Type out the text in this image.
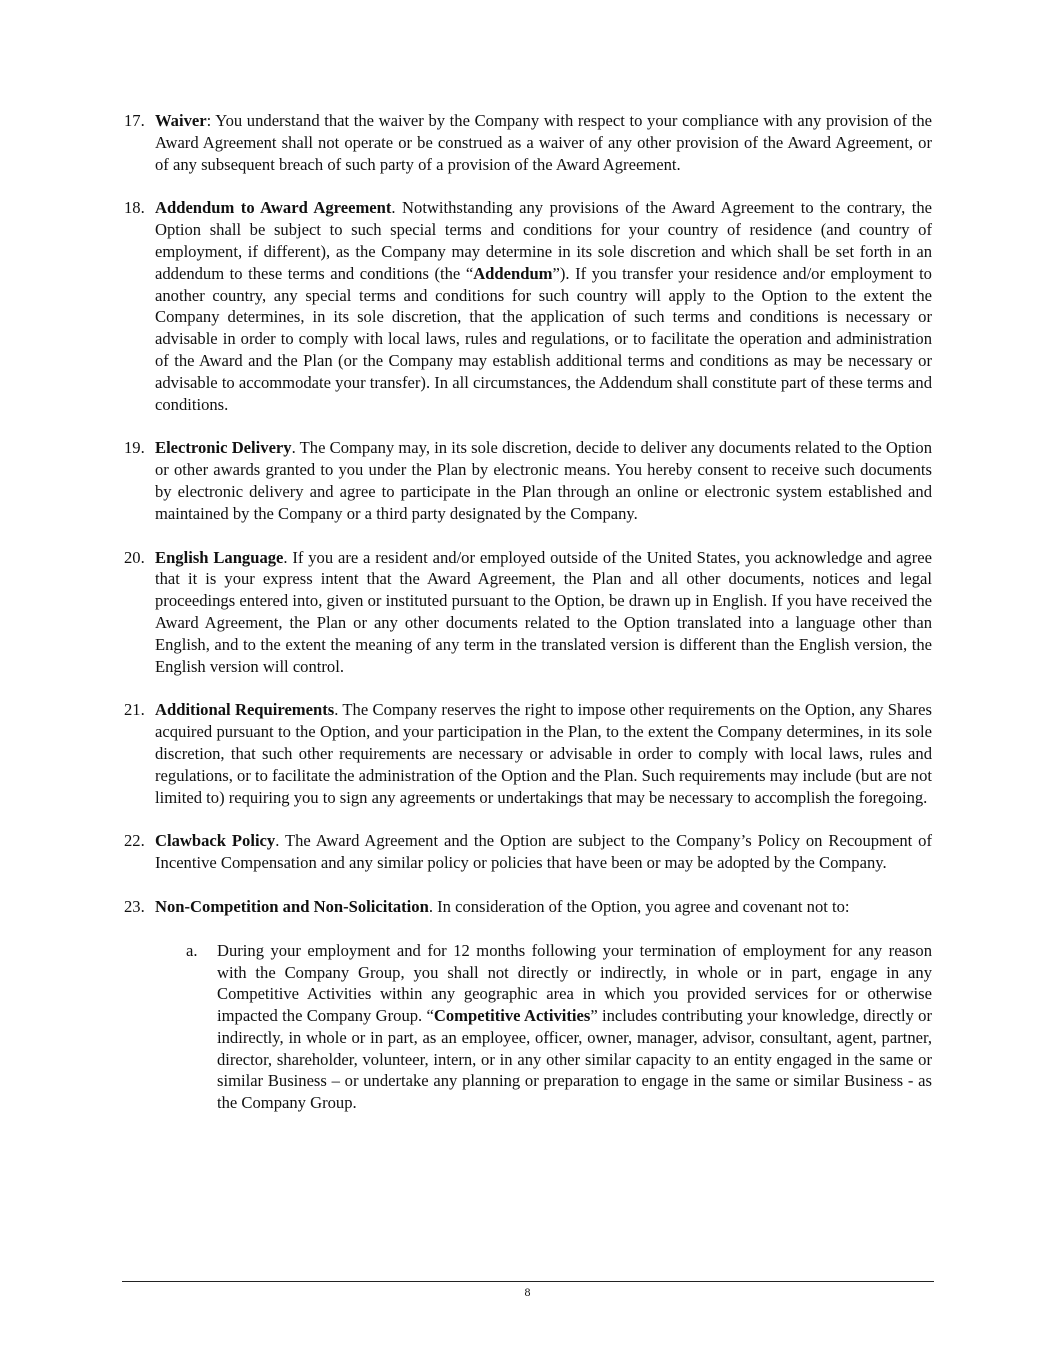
17. Waiver: You understand that the waiver by the Company with respect to your compliance with any provision of the Award Agreement shall not operate or be construed as a waiver of any other provision of the Award Agreement, or of any subsequent breach of such party of a provision of the Award Agreement.
18. Addendum to Award Agreement. Notwithstanding any provisions of the Award Agreement to the contrary, the Option shall be subject to such special terms and conditions for your country of residence (and country of employment, if different), as the Company may determine in its sole discretion and which shall be set forth in an addendum to these terms and conditions (the “Addendum”). If you transfer your residence and/or employment to another country, any special terms and conditions for such country will apply to the Option to the extent the Company determines, in its sole discretion, that the application of such terms and conditions is necessary or advisable in order to comply with local laws, rules and regulations, or to facilitate the operation and administration of the Award and the Plan (or the Company may establish additional terms and conditions as may be necessary or advisable to accommodate your transfer). In all circumstances, the Addendum shall constitute part of these terms and conditions.
19. Electronic Delivery. The Company may, in its sole discretion, decide to deliver any documents related to the Option or other awards granted to you under the Plan by electronic means. You hereby consent to receive such documents by electronic delivery and agree to participate in the Plan through an online or electronic system established and maintained by the Company or a third party designated by the Company.
20. English Language. If you are a resident and/or employed outside of the United States, you acknowledge and agree that it is your express intent that the Award Agreement, the Plan and all other documents, notices and legal proceedings entered into, given or instituted pursuant to the Option, be drawn up in English. If you have received the Award Agreement, the Plan or any other documents related to the Option translated into a language other than English, and to the extent the meaning of any term in the translated version is different than the English version, the English version will control.
21. Additional Requirements. The Company reserves the right to impose other requirements on the Option, any Shares acquired pursuant to the Option, and your participation in the Plan, to the extent the Company determines, in its sole discretion, that such other requirements are necessary or advisable in order to comply with local laws, rules and regulations, or to facilitate the administration of the Option and the Plan. Such requirements may include (but are not limited to) requiring you to sign any agreements or undertakings that may be necessary to accomplish the foregoing.
22. Clawback Policy. The Award Agreement and the Option are subject to the Company’s Policy on Recoupment of Incentive Compensation and any similar policy or policies that have been or may be adopted by the Company.
23. Non-Competition and Non-Solicitation. In consideration of the Option, you agree and covenant not to:
a.	During your employment and for 12 months following your termination of employment for any reason with the Company Group, you shall not directly or indirectly, in whole or in part, engage in any Competitive Activities within any geographic area in which you provided services for or otherwise impacted the Company Group. “Competitive Activities” includes contributing your knowledge, directly or indirectly, in whole or in part, as an employee, officer, owner, manager, advisor, consultant, agent, partner, director, shareholder, volunteer, intern, or in any other similar capacity to an entity engaged in the same or similar Business – or undertake any planning or preparation to engage in the same or similar Business - as the Company Group.
8
